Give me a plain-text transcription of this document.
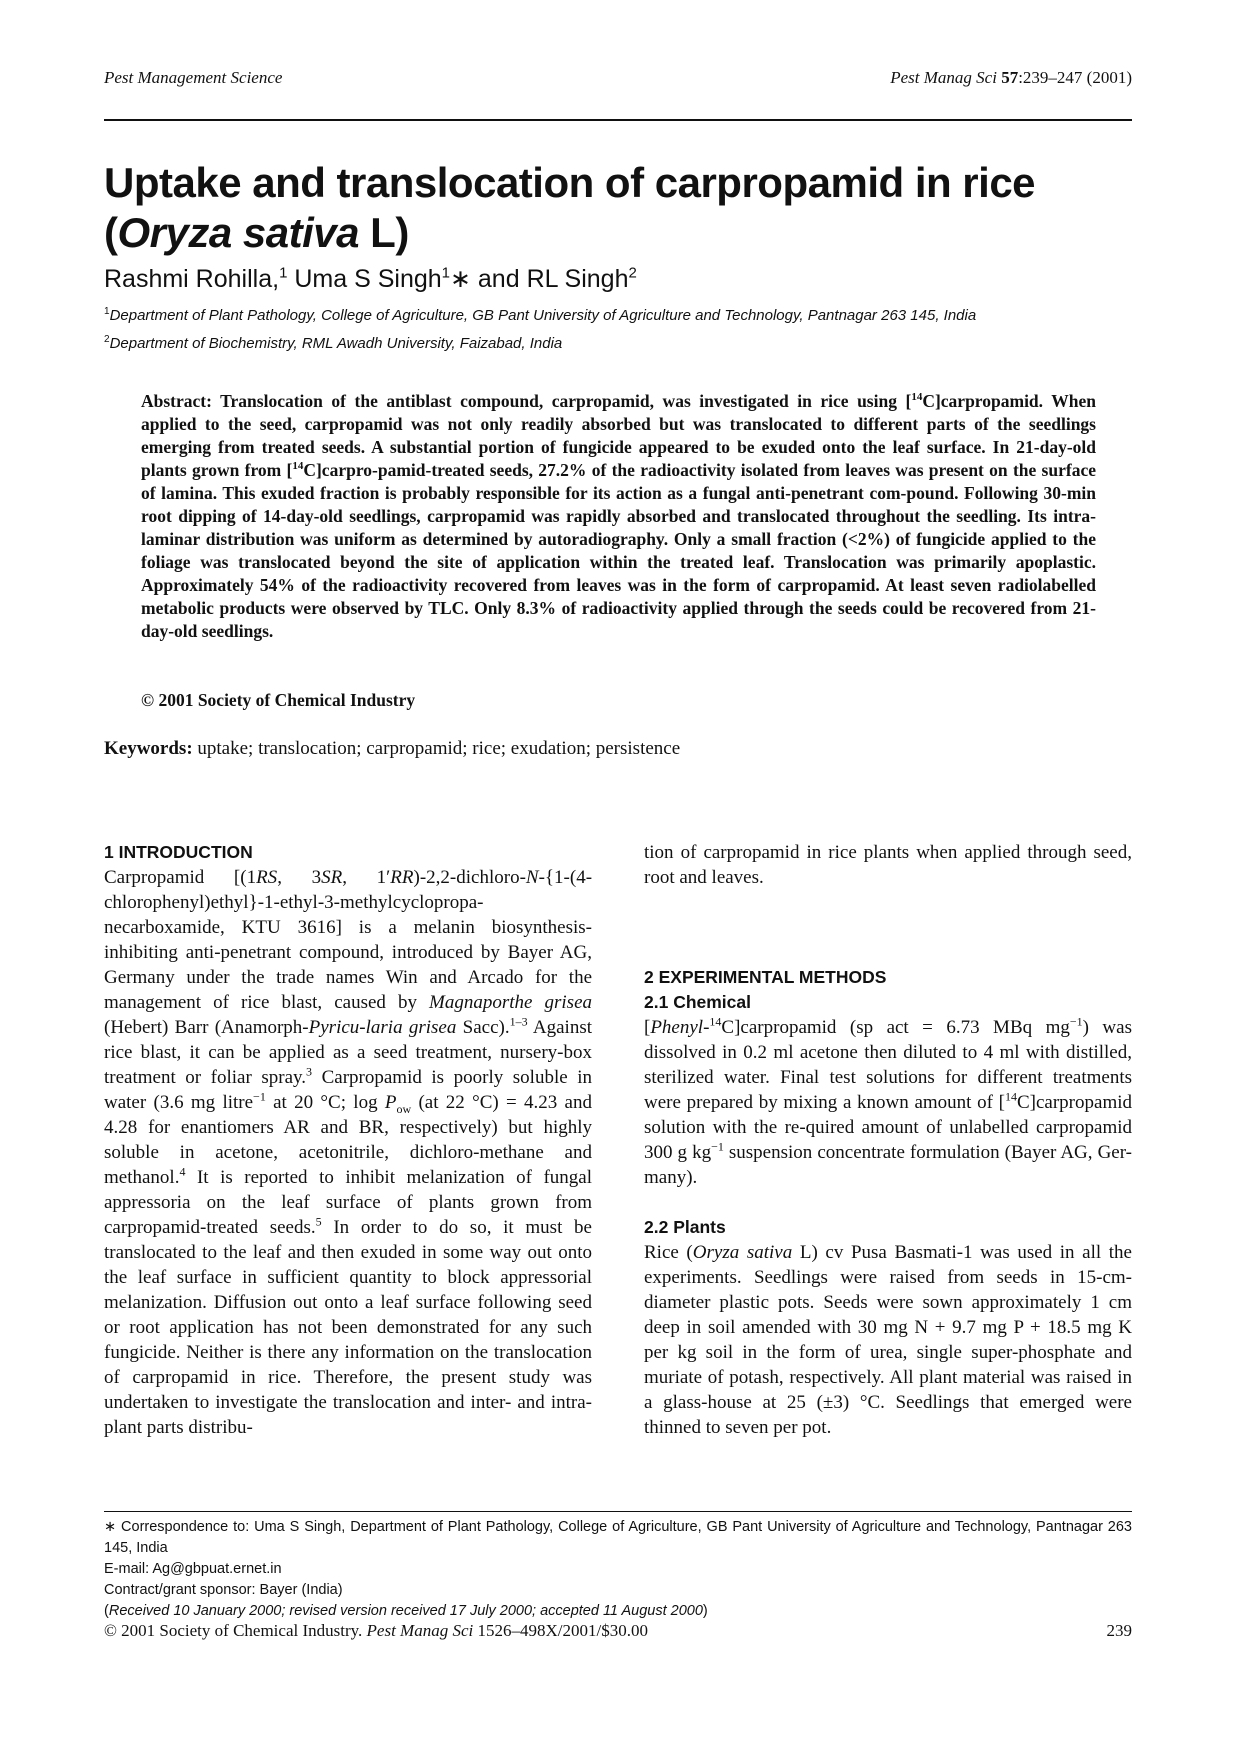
Pest Management Science	Pest Manag Sci 57:239–247 (2001)
Uptake and translocation of carpropamid in rice
(Oryza sativa L)
Rashmi Rohilla,$^1$ Uma S Singh$^1$∗ and RL Singh$^2$
$^1$Department of Plant Pathology, College of Agriculture, GB Pant University of Agriculture and Technology, Pantnagar 263 145, India
$^2$Department of Biochemistry, RML Awadh University, Faizabad, India
Abstract: Translocation of the antiblast compound, carpropamid, was investigated in rice using [$^{14}$C]carpropamid. When applied to the seed, carpropamid was not only readily absorbed but was translocated to different parts of the seedlings emerging from treated seeds. A substantial portion of fungicide appeared to be exuded onto the leaf surface. In 21-day-old plants grown from [$^{14}$C]carpro-pamid-treated seeds, 27.2% of the radioactivity isolated from leaves was present on the surface of lamina. This exuded fraction is probably responsible for its action as a fungal anti-penetrant com-pound. Following 30-min root dipping of 14-day-old seedlings, carpropamid was rapidly absorbed and translocated throughout the seedling. Its intra-laminar distribution was uniform as determined by autoradiography. Only a small fraction (<2%) of fungicide applied to the foliage was translocated beyond the site of application within the treated leaf. Translocation was primarily apoplastic. Approximately 54% of the radioactivity recovered from leaves was in the form of carpropamid. At least seven radiolabelled metabolic products were observed by TLC. Only 8.3% of radioactivity applied through the seeds could be recovered from 21-day-old seedlings.
© 2001 Society of Chemical Industry
Keywords: uptake; translocation; carpropamid; rice; exudation; persistence
1 INTRODUCTION

Carpropamid [(1RS, 3SR, 1′RR)-2,2-dichloro-N-{1-(4-chlorophenyl)ethyl}-1-ethyl-3-methylcyclopropa-necarboxamide, KTU 3616] is a melanin biosynthesis-inhibiting anti-penetrant compound, introduced by Bayer AG, Germany under the trade names Win and Arcado for the management of rice blast, caused by Magnaporthe grisea (Hebert) Barr (Anamorph-Pyricu-laria grisea Sacc).$^{1-3}$ Against rice blast, it can be applied as a seed treatment, nursery-box treatment or foliar spray.$^3$ Carpropamid is poorly soluble in water (3.6 mg litre$^{-1}$ at 20 °C; $\log P_{ow}$ (at 22 °C) = 4.23 and 4.28 for enantiomers AR and BR, respectively) but highly soluble in acetone, acetonitrile, dichloro-methane and methanol.$^4$ It is reported to inhibit melanization of fungal appressoria on the leaf surface of plants grown from carpropamid-treated seeds.$^5$ In order to do so, it must be translocated to the leaf and then exuded in some way out onto the leaf surface in sufficient quantity to block appressorial melanization. Diffusion out onto a leaf surface following seed or root application has not been demonstrated for any such fungicide. Neither is there any information on the translocation of carpropamid in rice. Therefore, the present study was undertaken to investigate the translocation and inter- and intra-plant parts distribu-

tion of carpropamid in rice plants when applied through seed, root and leaves.

2 EXPERIMENTAL METHODS
2.1 Chemical

[Phenyl-$^{14}$C]carpropamid (sp act = 6.73 MBq $mg^{-1}$) was dissolved in 0.2 ml acetone then diluted to 4 ml with distilled, sterilized water. Final test solutions for different treatments were prepared by mixing a known amount of [$^{14}$C]carpropamid solution with the re-quired amount of unlabelled carpropamid 300 g $kg^{-1}$ suspension concentrate formulation (Bayer AG, Ger-many).

2.2 Plants

Rice (Oryza sativa L) cv Pusa Basmati-1 was used in all the experiments. Seedlings were raised from seeds in 15-cm-diameter plastic pots. Seeds were sown approximately 1 cm deep in soil amended with 30 mg N + 9.7 mg P + 18.5 mg K per kg soil in the form of urea, single super-phosphate and muriate of potash, respectively. All plant material was raised in a glass-house at 25 (±3) °C. Seedlings that emerged were thinned to seven per pot.

∗ Correspondence to: Uma S Singh, Department of Plant Pathology, College of Agriculture, GB Pant University of Agriculture and Technology, Pantnagar 263 145, India
E-mail: Ag@gbpuat.ernet.in
Contract/grant sponsor: Bayer (India)
(Received 10 January 2000; revised version received 17 July 2000; accepted 11 August 2000)
© 2001 Society of Chemical Industry. Pest Manag Sci 1526–498X/2001/$30.00	239
